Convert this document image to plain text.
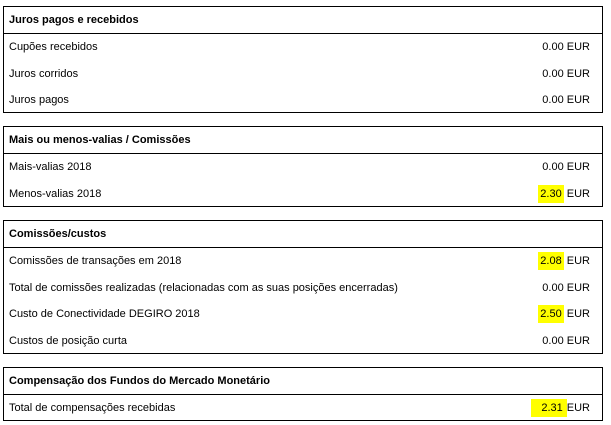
Juros pagos e recebidos
Cupões recebidos	0.00 EUR
Juros corridos	0.00 EUR
Juros pagos	0.00 EUR
Mais ou menos-valias / Comissões
Mais-valias 2018	0.00 EUR
Menos-valias 2018	2.30 EUR
Comissões/custos
Comissões de transações em 2018	2.08 EUR
Total de comissões realizadas (relacionadas com as suas posições encerradas)	0.00 EUR
Custo de Conectividade DEGIRO 2018	2.50 EUR
Custos de posição curta	0.00 EUR
Compensação dos Fundos do Mercado Monetário
Total de compensações recebidas	2.31 EUR
